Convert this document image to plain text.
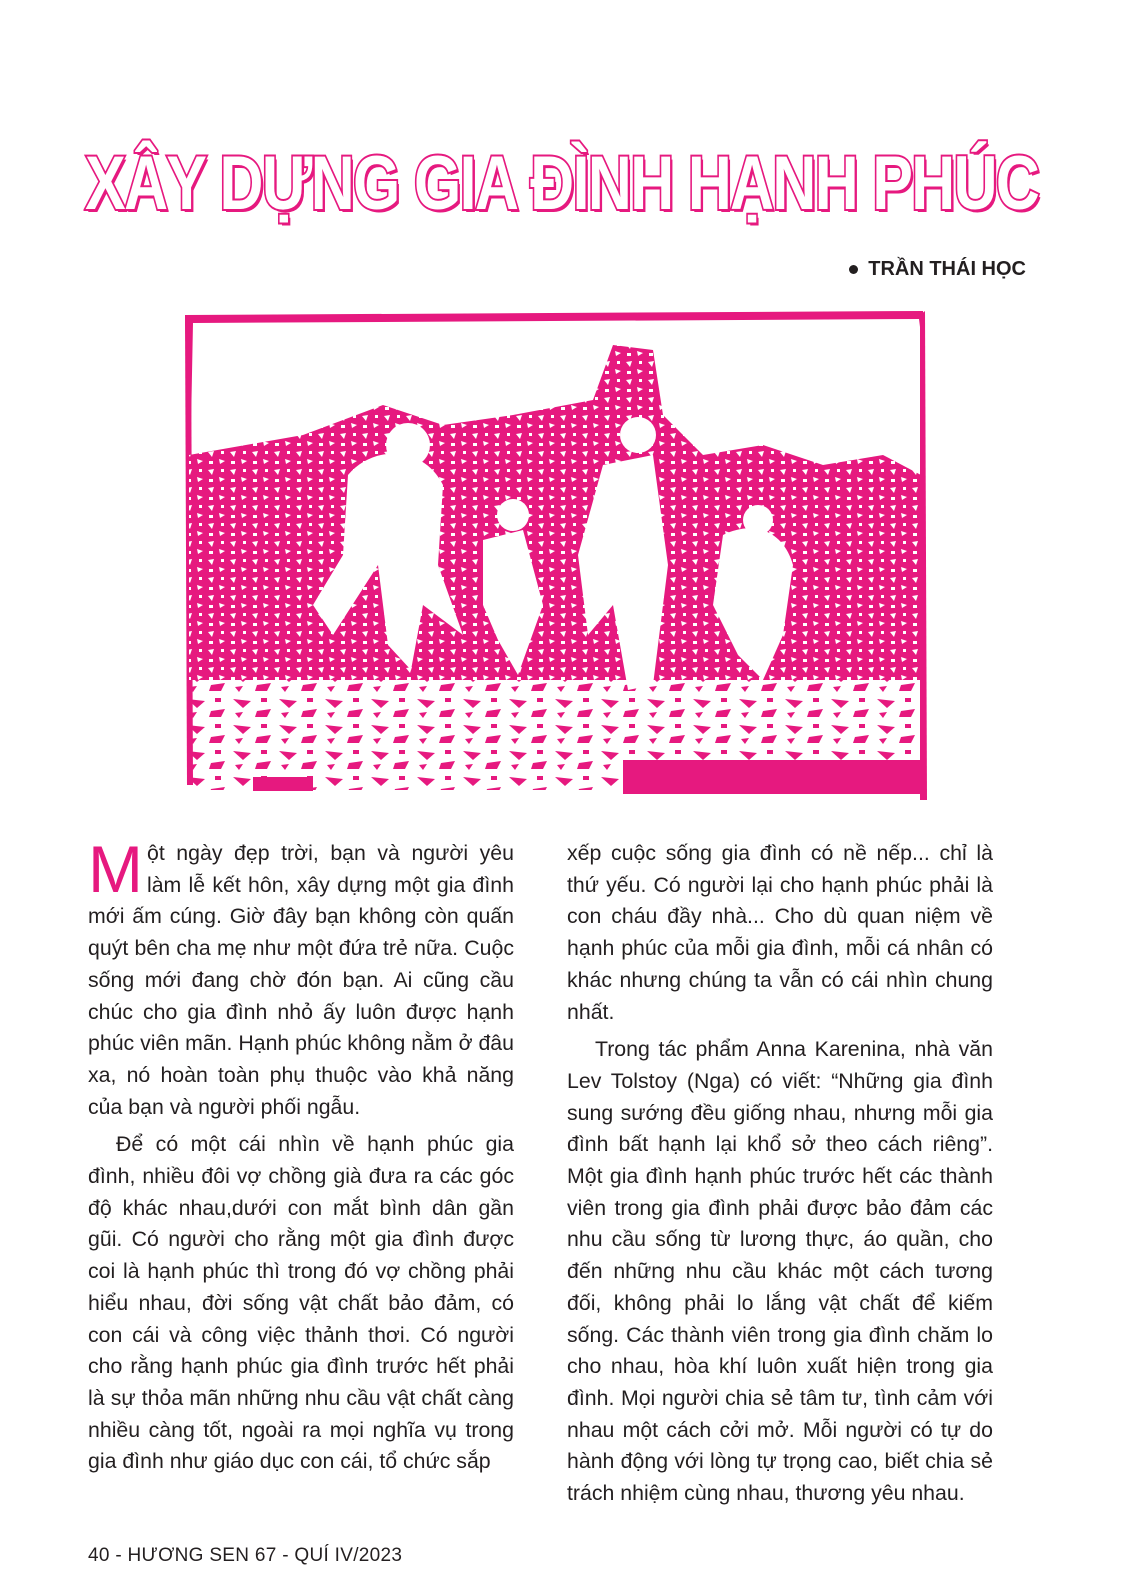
XÂY DỰNG GIA ĐÌNH HẠNH PHÚC
TRẦN THÁI HỌC

Một ngày đẹp trời, bạn và người yêu làm lễ kết hôn, xây dựng một gia đình mới ấm cúng. Giờ đây bạn không còn quấn quýt bên cha mẹ như một đứa trẻ nữa. Cuộc sống mới đang chờ đón bạn. Ai cũng cầu chúc cho gia đình nhỏ ấy luôn được hạnh phúc viên mãn. Hạnh phúc không nằm ở đâu xa, nó hoàn toàn phụ thuộc vào khả năng của bạn và người phối ngẫu.

Để có một cái nhìn về hạnh phúc gia đình, nhiều đôi vợ chồng già đưa ra các góc độ khác nhau,dưới con mắt bình dân gần gũi. Có người cho rằng một gia đình được coi là hạnh phúc thì trong đó vợ chồng phải hiểu nhau, đời sống vật chất bảo đảm, có con cái và công việc thảnh thơi. Có người cho rằng hạnh phúc gia đình trước hết phải là sự thỏa mãn những nhu cầu vật chất càng nhiều càng tốt, ngoài ra mọi nghĩa vụ trong gia đình như giáo dục con cái, tổ chức sắp

xếp cuộc sống gia đình có nề nếp... chỉ là thứ yếu. Có người lại cho hạnh phúc phải là con cháu đầy nhà... Cho dù quan niệm về hạnh phúc của mỗi gia đình, mỗi cá nhân có khác nhưng chúng ta vẫn có cái nhìn chung nhất.

Trong tác phẩm Anna Karenina, nhà văn Lev Tolstoy (Nga) có viết: “Những gia đình sung sướng đều giống nhau, nhưng mỗi gia đình bất hạnh lại khổ sở theo cách riêng”. Một gia đình hạnh phúc trước hết các thành viên trong gia đình phải được bảo đảm các nhu cầu sống từ lương thực, áo quần, cho đến những nhu cầu khác một cách tương đối, không phải lo lắng vật chất để kiếm sống. Các thành viên trong gia đình chăm lo cho nhau, hòa khí luôn xuất hiện trong gia đình. Mọi người chia sẻ tâm tư, tình cảm với nhau một cách cởi mở. Mỗi người có tự do hành động với lòng tự trọng cao, biết chia sẻ trách nhiệm cùng nhau, thương yêu nhau.

40 - HƯƠNG SEN 67 - QUÍ IV/2023
